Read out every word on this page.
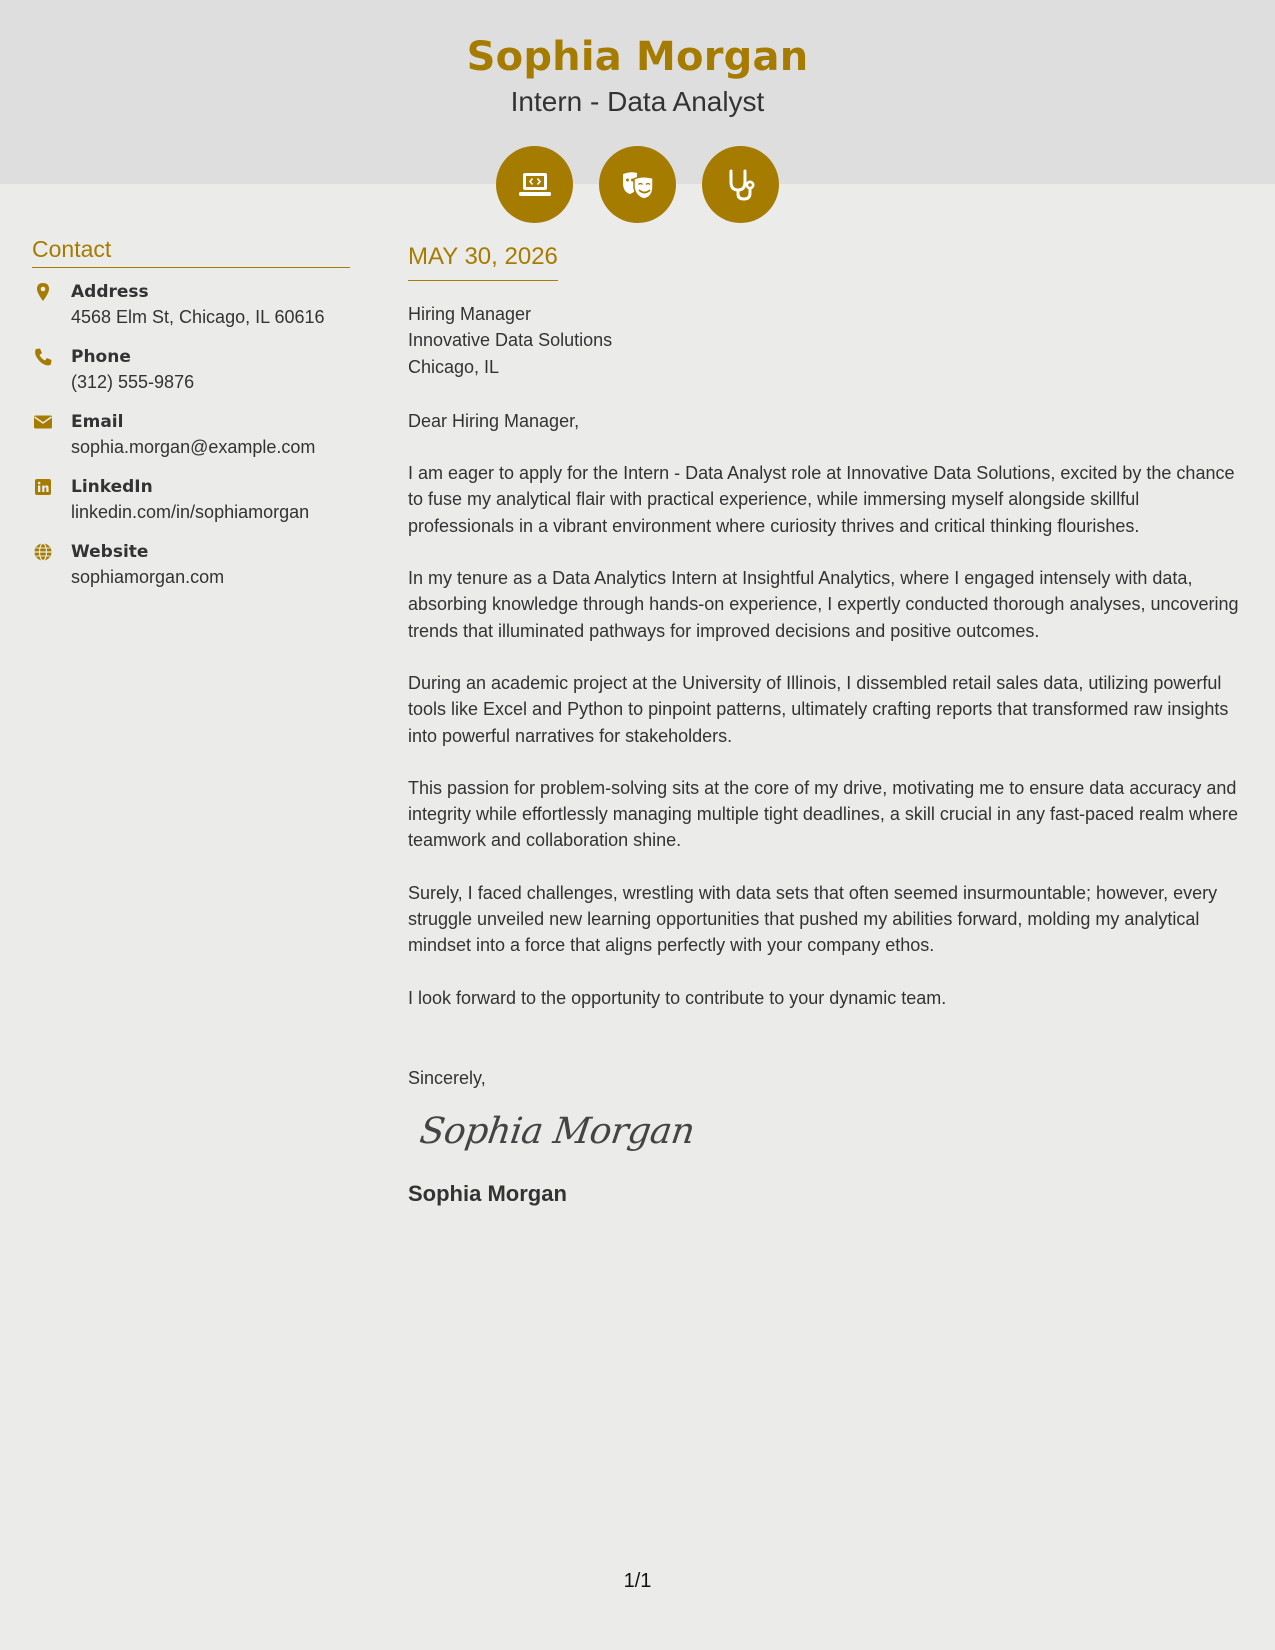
Sophia Morgan
Intern - Data Analyst
Contact
Address
4568 Elm St, Chicago, IL 60616
Phone
(312) 555-9876
Email
sophia.morgan@example.com
LinkedIn
linkedin.com/in/sophiamorgan
Website
sophiamorgan.com
MAY 30, 2026
Hiring Manager
Innovative Data Solutions
Chicago, IL
Dear Hiring Manager,

I am eager to apply for the Intern - Data Analyst role at Innovative Data Solutions, excited by the chance to fuse my analytical flair with practical experience, while immersing myself alongside skillful professionals in a vibrant environment where curiosity thrives and critical thinking flourishes.

In my tenure as a Data Analytics Intern at Insightful Analytics, where I engaged intensely with data, absorbing knowledge through hands-on experience, I expertly conducted thorough analyses, uncovering trends that illuminated pathways for improved decisions and positive outcomes.

During an academic project at the University of Illinois, I dissembled retail sales data, utilizing powerful tools like Excel and Python to pinpoint patterns, ultimately crafting reports that transformed raw insights into powerful narratives for stakeholders.

This passion for problem-solving sits at the core of my drive, motivating me to ensure data accuracy and integrity while effortlessly managing multiple tight deadlines, a skill crucial in any fast-paced realm where teamwork and collaboration shine.

Surely, I faced challenges, wrestling with data sets that often seemed insurmountable; however, every struggle unveiled new learning opportunities that pushed my abilities forward, molding my analytical mindset into a force that aligns perfectly with your company ethos.

I look forward to the opportunity to contribute to your dynamic team.

Sincerely,
Sophia Morgan
Sophia Morgan
1/1
